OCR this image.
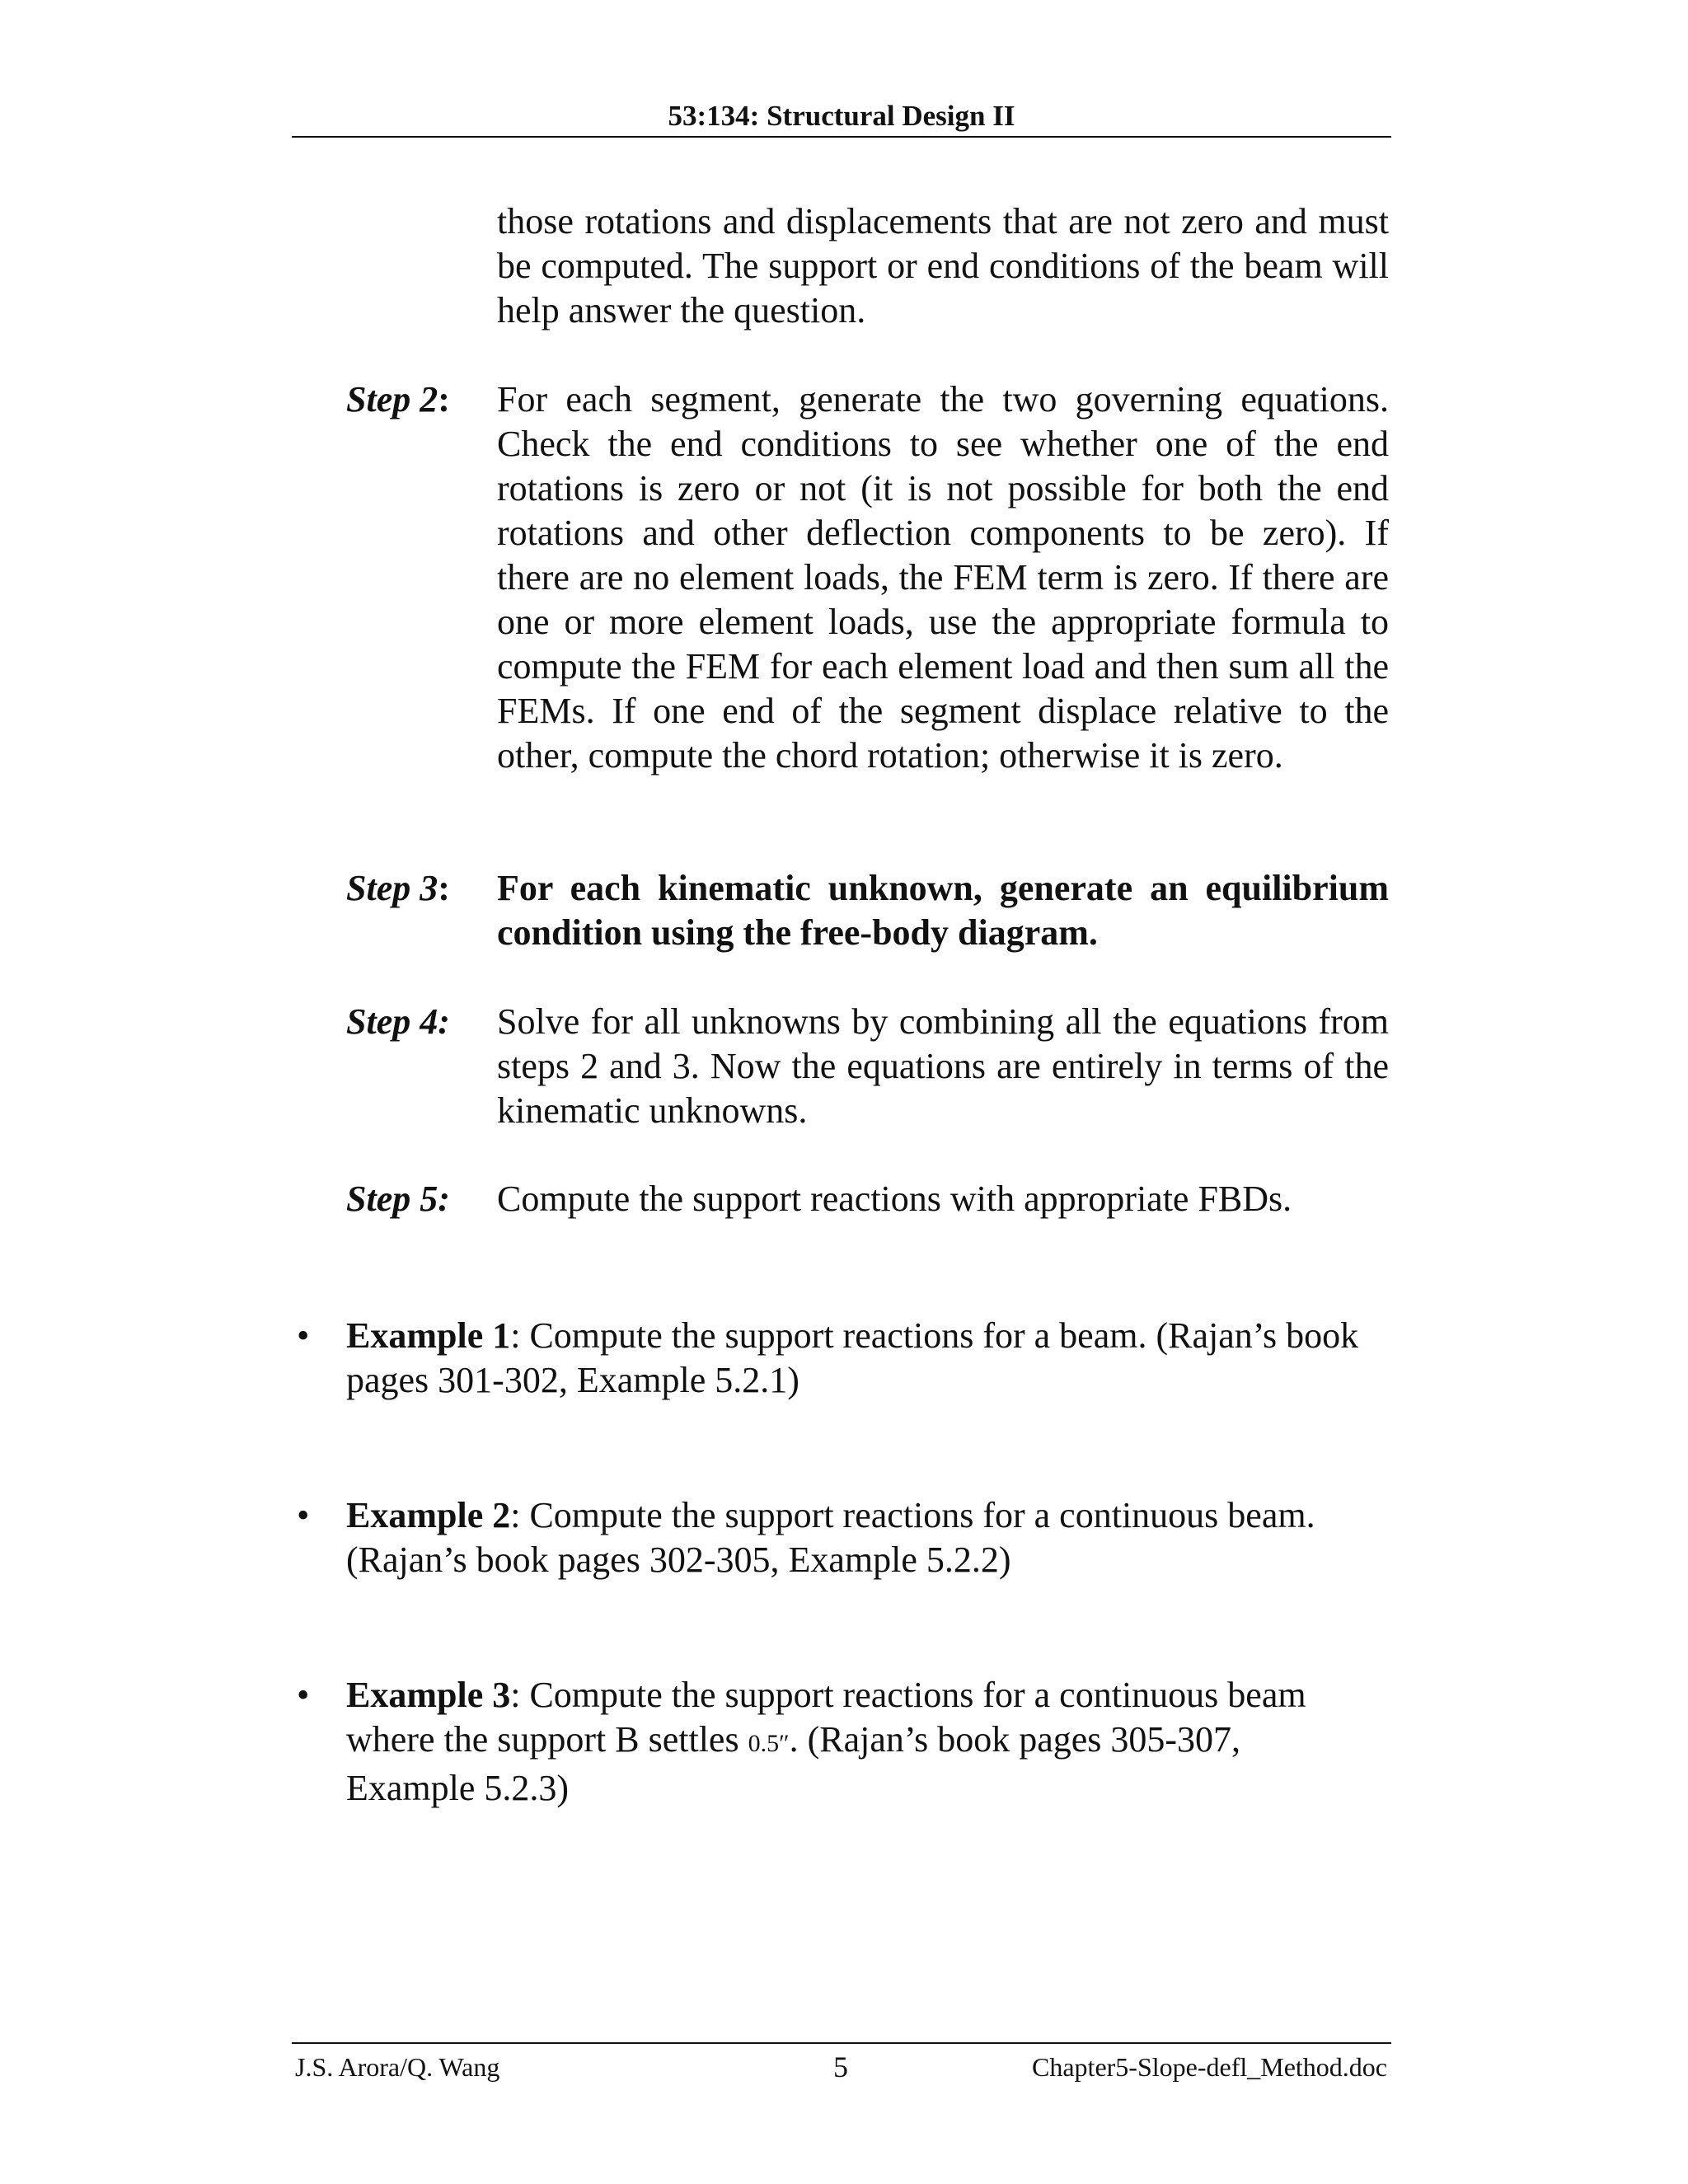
53:134: Structural Design II
those rotations and displacements that are not zero and must be computed. The support or end conditions of the beam will help answer the question.
Step 2: For each segment, generate the two governing equations. Check the end conditions to see whether one of the end rotations is zero or not (it is not possible for both the end rotations and other deflection components to be zero). If there are no element loads, the FEM term is zero. If there are one or more element loads, use the appropriate formula to compute the FEM for each element load and then sum all the FEMs. If one end of the segment displace relative to the other, compute the chord rotation; otherwise it is zero.
Step 3: For each kinematic unknown, generate an equilibrium condition using the free-body diagram.
Step 4: Solve for all unknowns by combining all the equations from steps 2 and 3. Now the equations are entirely in terms of the kinematic unknowns.
Step 5: Compute the support reactions with appropriate FBDs.
• Example 1: Compute the support reactions for a beam. (Rajan’s book pages 301-302, Example 5.2.1)
• Example 2: Compute the support reactions for a continuous beam. (Rajan’s book pages 302-305, Example 5.2.2)
• Example 3: Compute the support reactions for a continuous beam where the support B settles 0.5″. (Rajan’s book pages 305-307, Example 5.2.3)
J.S. Arora/Q. Wang	5	Chapter5-Slope-defl_Method.doc
